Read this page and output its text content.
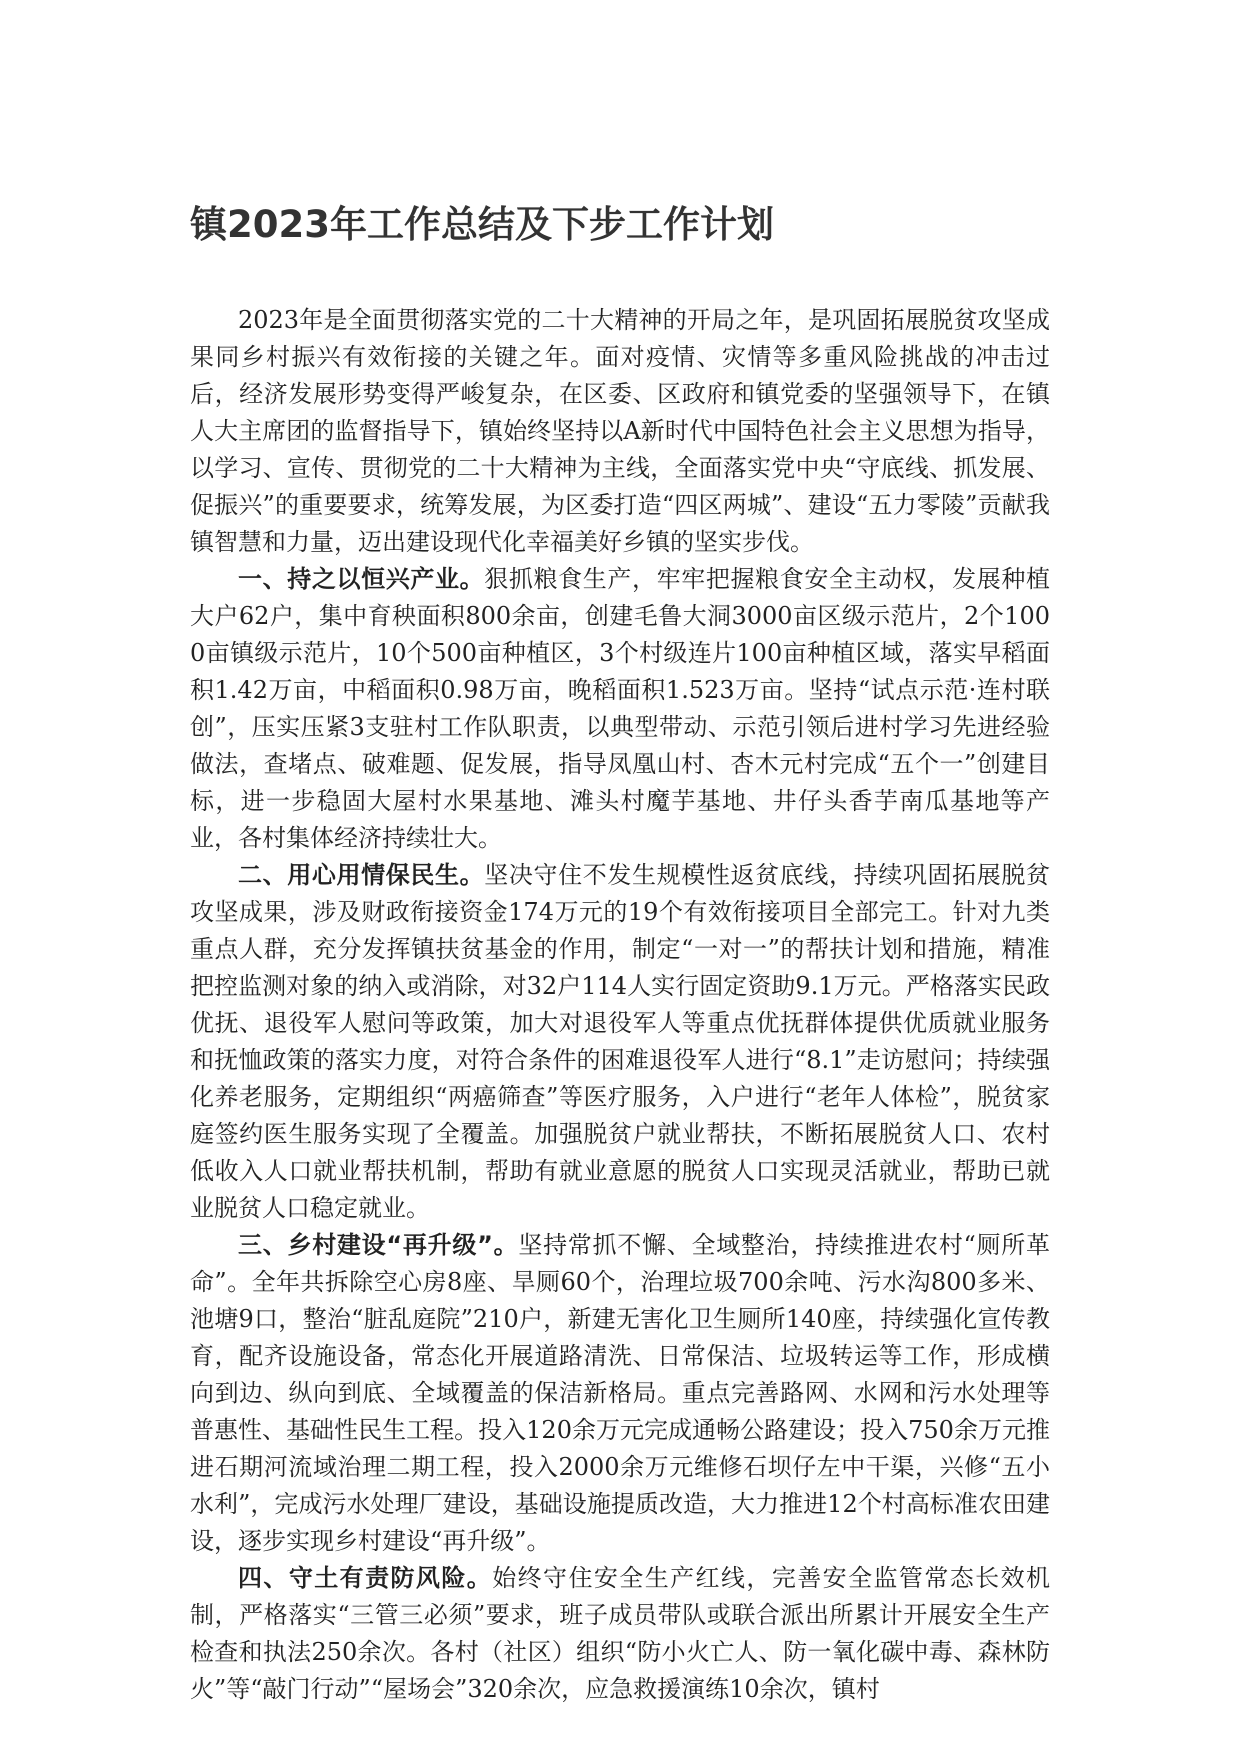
镇2023年工作总结及下步工作计划

2023年是全面贯彻落实党的二十大精神的开局之年，是巩固拓展脱贫攻坚成果同乡村振兴有效衔接的关键之年。面对疫情、灾情等多重风险挑战的冲击过后，经济发展形势变得严峻复杂，在区委、区政府和镇党委的坚强领导下，在镇人大主席团的监督指导下，镇始终坚持以A新时代中国特色社会主义思想为指导，以学习、宣传、贯彻党的二十大精神为主线，全面落实党中央“守底线、抓发展、促振兴”的重要要求，统筹发展，为区委打造“四区两城”、建设“五力零陵”贡献我镇智慧和力量，迈出建设现代化幸福美好乡镇的坚实步伐。

一、持之以恒兴产业。狠抓粮食生产，牢牢把握粮食安全主动权，发展种植大户62户，集中育秧面积800余亩，创建毛鲁大洞3000亩区级示范片，2个1000亩镇级示范片，10个500亩种植区，3个村级连片100亩种植区域，落实早稻面积1.42万亩，中稻面积0.98万亩，晚稻面积1.523万亩。坚持“试点示范·连村联创”，压实压紧3支驻村工作队职责，以典型带动、示范引领后进村学习先进经验做法，查堵点、破难题、促发展，指导凤凰山村、杏木元村完成“五个一”创建目标，进一步稳固大屋村水果基地、滩头村魔芋基地、井仔头香芋南瓜基地等产业，各村集体经济持续壮大。

二、用心用情保民生。坚决守住不发生规模性返贫底线，持续巩固拓展脱贫攻坚成果，涉及财政衔接资金174万元的19个有效衔接项目全部完工。针对九类重点人群，充分发挥镇扶贫基金的作用，制定“一对一”的帮扶计划和措施，精准把控监测对象的纳入或消除，对32户114人实行固定资助9.1万元。严格落实民政优抚、退役军人慰问等政策，加大对退役军人等重点优抚群体提供优质就业服务和抚恤政策的落实力度，对符合条件的困难退役军人进行“8.1”走访慰问；持续强化养老服务，定期组织“两癌筛查”等医疗服务，入户进行“老年人体检”，脱贫家庭签约医生服务实现了全覆盖。加强脱贫户就业帮扶，不断拓展脱贫人口、农村低收入人口就业帮扶机制，帮助有就业意愿的脱贫人口实现灵活就业，帮助已就业脱贫人口稳定就业。

三、乡村建设“再升级”。坚持常抓不懈、全域整治，持续推进农村“厕所革命”。全年共拆除空心房8座、旱厕60个，治理垃圾700余吨、污水沟800多米、池塘9口，整治“脏乱庭院”210户，新建无害化卫生厕所140座，持续强化宣传教育，配齐设施设备，常态化开展道路清洗、日常保洁、垃圾转运等工作，形成横向到边、纵向到底、全域覆盖的保洁新格局。重点完善路网、水网和污水处理等普惠性、基础性民生工程。投入120余万元完成通畅公路建设；投入750余万元推进石期河流域治理二期工程，投入2000余万元维修石坝仔左中干渠，兴修“五小水利”，完成污水处理厂建设，基础设施提质改造，大力推进12个村高标准农田建设，逐步实现乡村建设“再升级”。

四、守土有责防风险。始终守住安全生产红线，完善安全监管常态长效机制，严格落实“三管三必须”要求，班子成员带队或联合派出所累计开展安全生产检查和执法250余次。各村（社区）组织“防小火亡人、防一氧化碳中毒、森林防火”等“敲门行动”“屋场会”320余次，应急救援演练10余次，镇村
